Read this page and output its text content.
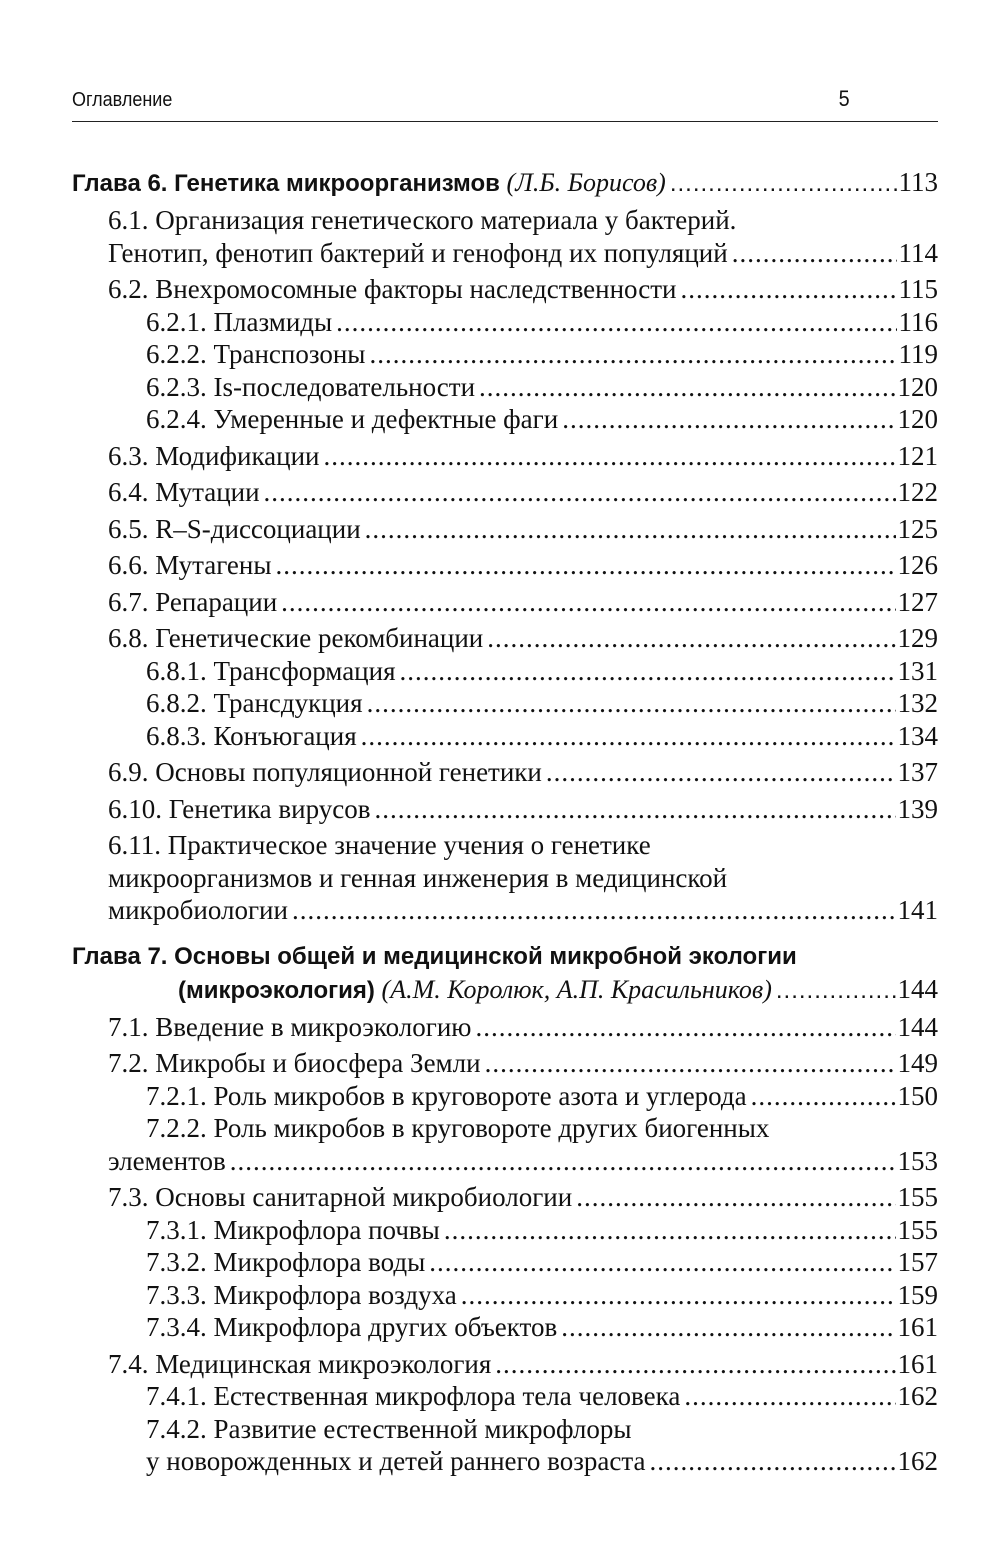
Оглавление	5
Глава 6. Генетика микроорганизмов
(Л.Б. Борисов) .....	113
6.1. Организация генетического материала у бактерий.
Генотип, фенотип бактерий и генофонд их популяций .....	114
6.2. Внехромосомные факторы наследственности .....	115
6.2.1. Плазмиды .....	116
6.2.2. Транспозоны .....	119
6.2.3. Is-последовательности .....	120
6.2.4. Умеренные и дефектные фаги .....	120
6.3. Модификации .....	121
6.4. Мутации .....	122
6.5. R–S-диссоциации .....	125
6.6. Мутагены .....	126
6.7. Репарации .....	127
6.8. Генетические рекомбинации .....	129
6.8.1. Трансформация .....	131
6.8.2. Трансдукция .....	132
6.8.3. Конъюгация .....	134
6.9. Основы популяционной генетики .....	137
6.10. Генетика вирусов .....	139
6.11. Практическое значение учения о генетике
микроорганизмов и генная инженерия в медицинской
микробиологии .....	141
Глава 7. Основы общей и медицинской микробной экологии
(микроэкология)
(А.М. Королюк, А.П. Красильников) .....	144
7.1. Введение в микроэкологию .....	144
7.2. Микробы и биосфера Земли .....	149
7.2.1. Роль микробов в круговороте азота и углерода .....	150
7.2.2. Роль микробов в круговороте других биогенных
элементов .....	153
7.3. Основы санитарной микробиологии .....	155
7.3.1. Микрофлора почвы .....	155
7.3.2. Микрофлора воды .....	157
7.3.3. Микрофлора воздуха .....	159
7.3.4. Микрофлора других объектов .....	161
7.4. Медицинская микроэкология .....	161
7.4.1. Естественная микрофлора тела человека .....	162
7.4.2. Развитие естественной микрофлоры
у новорожденных и детей раннего возраста .....	162
